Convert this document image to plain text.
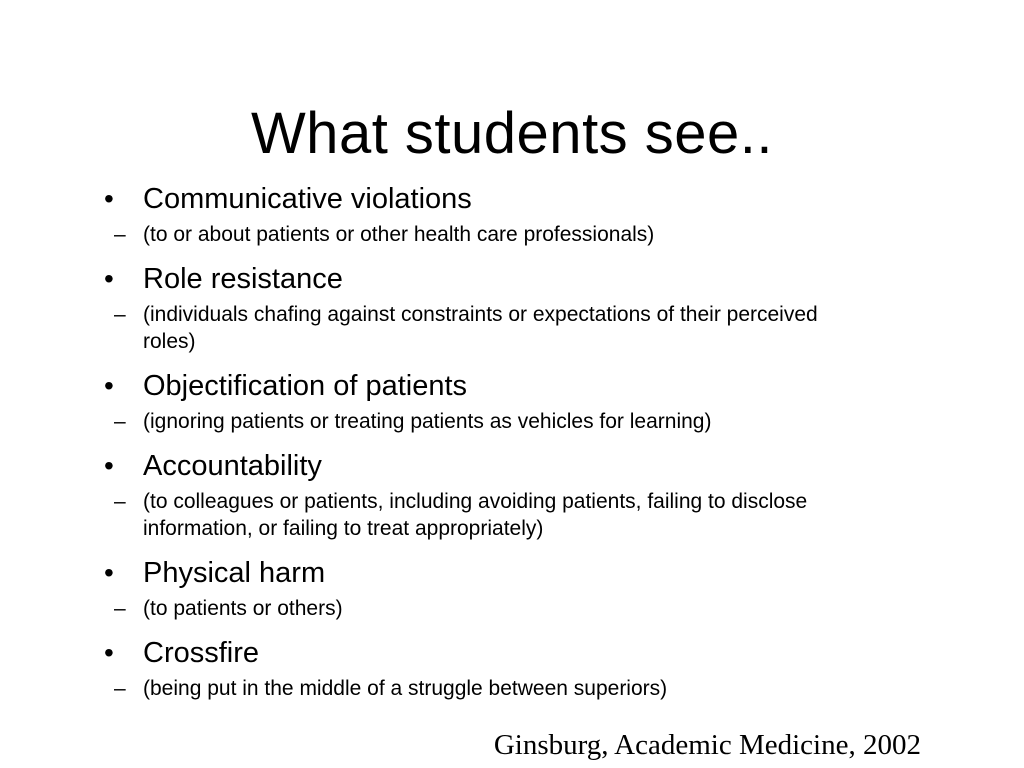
What students see..
• Communicative violations
– (to or about patients or other health care professionals)
• Role resistance
– (individuals chafing against constraints or expectations of their perceived roles)
• Objectification of patients
– (ignoring patients or treating patients as vehicles for learning)
• Accountability
– (to colleagues or patients, including avoiding patients, failing to disclose information, or failing to treat appropriately)
• Physical harm
– (to patients or others)
• Crossfire
– (being put in the middle of a struggle between superiors)
Ginsburg, Academic Medicine, 2002
